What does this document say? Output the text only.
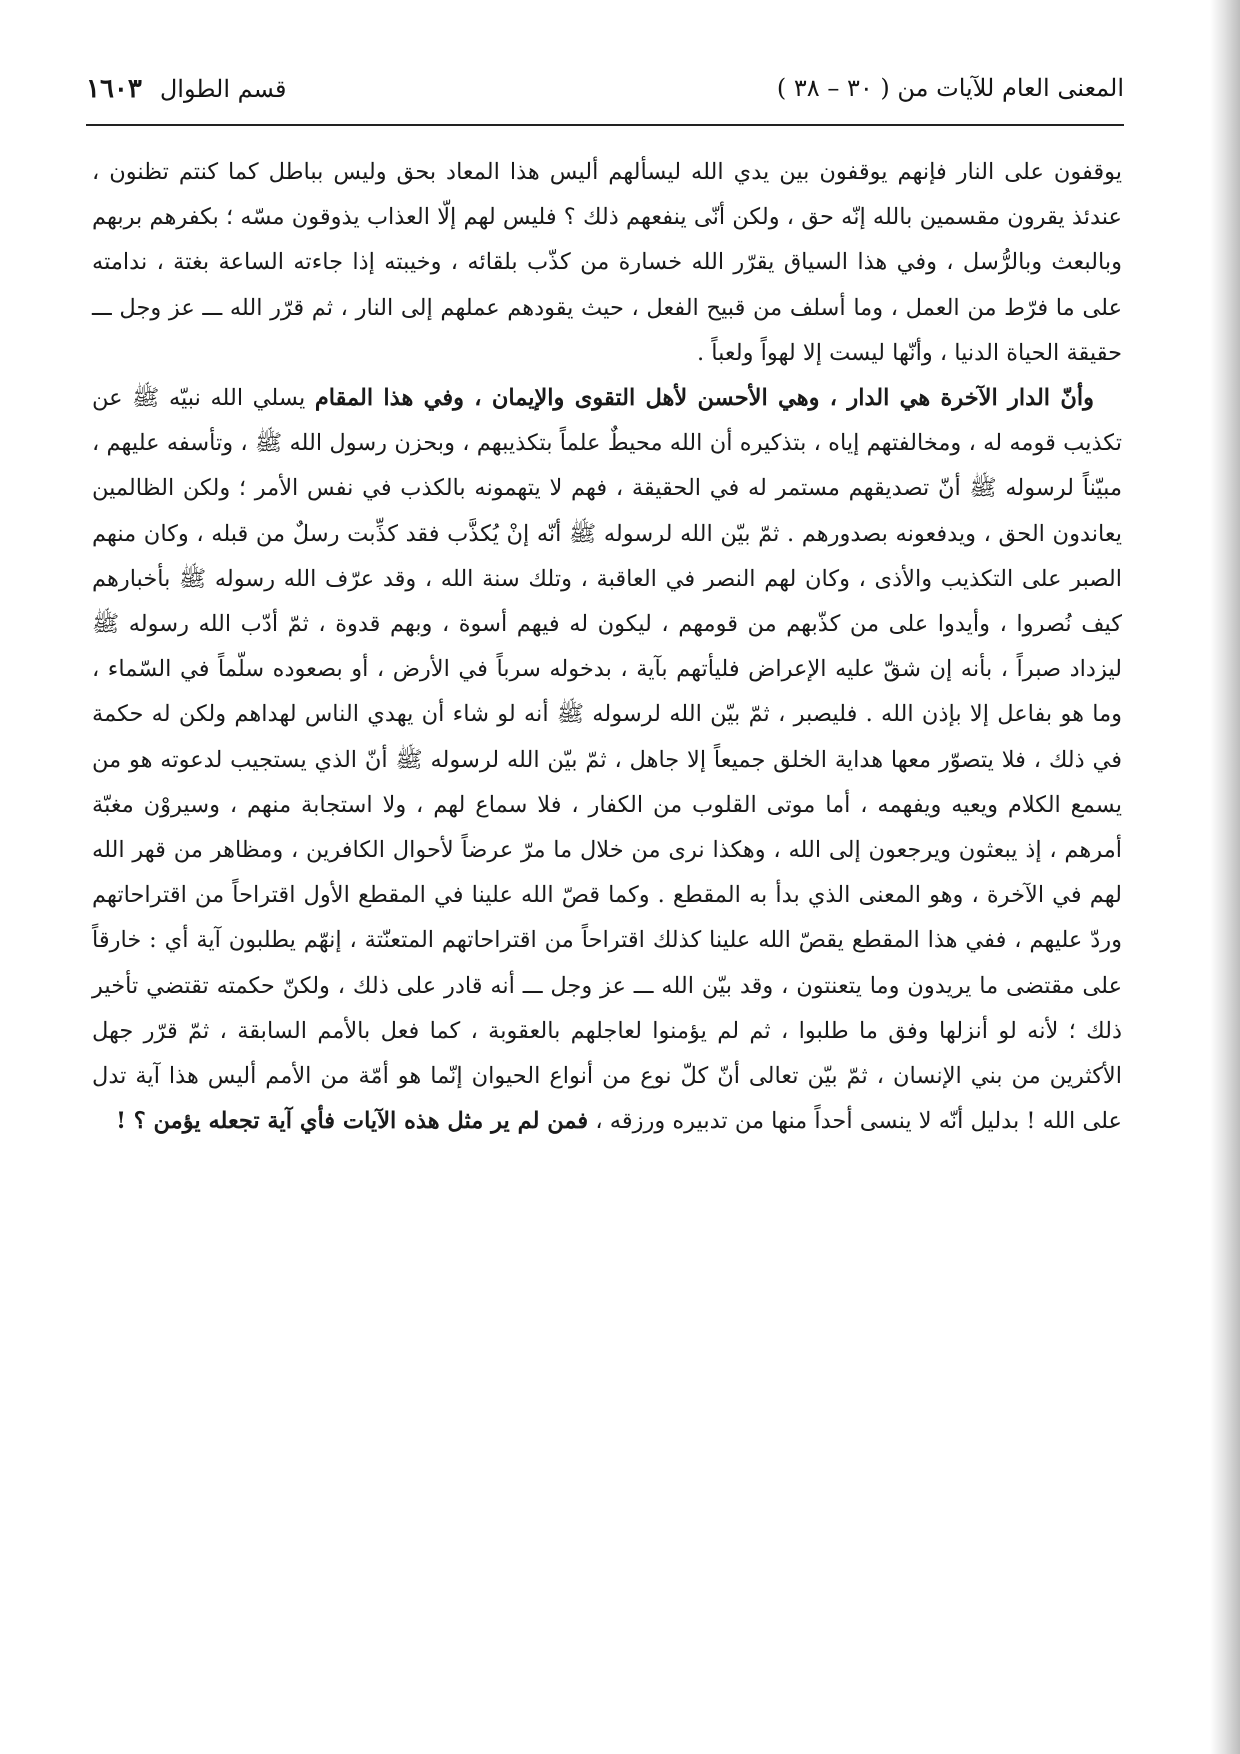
المعنى العام للآيات من ( ٣٠ – ٣٨ )
قسم الطوال١٦٠٣

يوقفون على النار فإنهم يوقفون بين يدي الله ليسألهم أليس هذا المعاد بحق وليس بباطل كما كنتم تظنون ، عندئذ يقرون مقسمين بالله إنّه حق ، ولكن أنّى ينفعهم ذلك ؟ فليس لهم إلّا العذاب يذوقون مسّه ؛ بكفرهم بربهم وبالبعث وبالرُّسل ، وفي هذا السياق يقرّر الله خسارة من كذّب بلقائه ، وخيبته إذا جاءته الساعة بغتة ، ندامته على ما فرّط من العمل ، وما أسلف من قبيح الفعل ، حيث يقودهم عملهم إلى النار ، ثم قرّر الله ـــ عز وجل ـــ حقيقة الحياة الدنيا ، وأنّها ليست إلا لهواً ولعباً .

وأنّ الدار الآخرة هي الدار ، وهي الأحسن لأهل التقوى والإيمان ، وفي هذا المقام يسلي الله نبيّه ﷺ عن تكذيب قومه له ، ومخالفتهم إياه ، بتذكيره أن الله محيطٌ علماً بتكذيبهم ، وبحزن رسول الله ﷺ ، وتأسفه عليهم ، مبيّناً لرسوله ﷺ أنّ تصديقهم مستمر له في الحقيقة ، فهم لا يتهمونه بالكذب في نفس الأمر ؛ ولكن الظالمين يعاندون الحق ، ويدفعونه بصدورهم . ثمّ بيّن الله لرسوله ﷺ أنّه إنْ يُكذَّب فقد كذِّبت رسلٌ من قبله ، وكان منهم الصبر على التكذيب والأذى ، وكان لهم النصر في العاقبة ، وتلك سنة الله ، وقد عرّف الله رسوله ﷺ بأخبارهم كيف نُصروا ، وأيدوا على من كذّبهم من قومهم ، ليكون له فيهم أسوة ، وبهم قدوة ، ثمّ أدّب الله رسوله ﷺ ليزداد صبراً ، بأنه إن شقّ عليه الإعراض فليأتهم بآية ، بدخوله سرباً في الأرض ، أو بصعوده سلّماً في السّماء ، وما هو بفاعل إلا بإذن الله . فليصبر ، ثمّ بيّن الله لرسوله ﷺ أنه لو شاء أن يهدي الناس لهداهم ولكن له حكمة في ذلك ، فلا يتصوّر معها هداية الخلق جميعاً إلا جاهل ، ثمّ بيّن الله لرسوله ﷺ أنّ الذي يستجيب لدعوته هو من يسمع الكلام ويعيه ويفهمه ، أما موتى القلوب من الكفار ، فلا سماع لهم ، ولا استجابة منهم ، وسيروْن مغبّة أمرهم ، إذ يبعثون ويرجعون إلى الله ، وهكذا نرى من خلال ما مرّ عرضاً لأحوال الكافرين ، ومظاهر من قهر الله لهم في الآخرة ، وهو المعنى الذي بدأ به المقطع . وكما قصّ الله علينا في المقطع الأول اقتراحاً من اقتراحاتهم وردّ عليهم ، ففي هذا المقطع يقصّ الله علينا كذلك اقتراحاً من اقتراحاتهم المتعنّتة ، إنهّم يطلبون آية أي : خارقاً على مقتضى ما يريدون وما يتعنتون ، وقد بيّن الله ـــ عز وجل ـــ أنه قادر على ذلك ، ولكنّ حكمته تقتضي تأخير ذلك ؛ لأنه لو أنزلها وفق ما طلبوا ، ثم لم يؤمنوا لعاجلهم بالعقوبة ، كما فعل بالأمم السابقة ، ثمّ قرّر جهل الأكثرين من بني الإنسان ، ثمّ بيّن تعالى أنّ كلّ نوع من أنواع الحيوان إنّما هو أمّة من الأمم أليس هذا آية تدل على الله ! بدليل أنّه لا ينسى أحداً منها من تدبيره ورزقه ، فمن لم ير مثل هذه الآيات فأي آية تجعله يؤمن ؟ !
